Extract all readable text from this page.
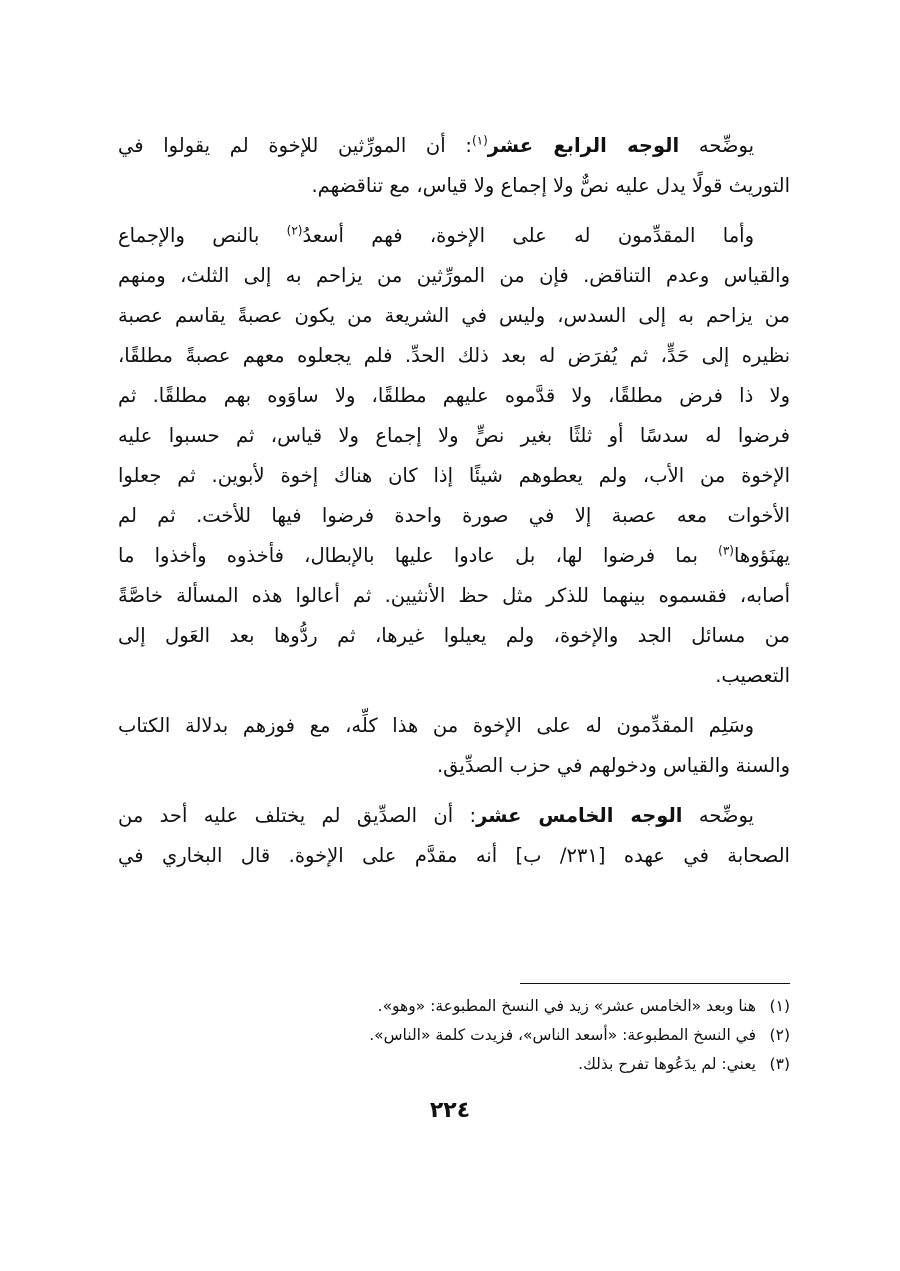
يوضِّحه الوجه الرابع عشر$^{(١)}$: أن المورِّثين للإخوة لم يقولوا في
التوريث قولًا يدل عليه نصٌّ ولا إجماع ولا قياس، مع تناقضهم.
وأما المقدِّمون له على الإخوة، فهم أسعدُ$^{(٢)}$ بالنص والإجماع
والقياس وعدم التناقض. فإن من المورِّثين من يزاحم به إلى الثلث، ومنهم
من يزاحم به إلى السدس، وليس في الشريعة من يكون عصبةً يقاسم عصبة
نظيره إلى حَدٍّ، ثم يُفرَض له بعد ذلك الحدِّ. فلم يجعلوه معهم عصبةً مطلقًا،
ولا ذا فرض مطلقًا، ولا قدَّموه عليهم مطلقًا، ولا ساوَوه بهم مطلقًا. ثم
فرضوا له سدسًا أو ثلثًا بغير نصٍّ ولا إجماع ولا قياس، ثم حسبوا عليه
الإخوة من الأب، ولم يعطوهم شيئًا إذا كان هناك إخوة لأبوين. ثم جعلوا
الأخوات معه عصبة إلا في صورة واحدة فرضوا فيها للأخت. ثم لم
يهنَؤوها$^{(٣)}$ بما فرضوا لها، بل عادوا عليها بالإبطال، فأخذوه وأخذوا ما
أصابه، فقسموه بينهما للذكر مثل حظ الأنثيين. ثم أعالوا هذه المسألة خاصَّةً
من مسائل الجد والإخوة، ولم يعيلوا غيرها، ثم ردُّوها بعد العَول إلى
التعصيب.
وسَلِم المقدِّمون له على الإخوة من هذا كلِّه، مع فوزهم بدلالة الكتاب
والسنة والقياس ودخولهم في حزب الصدِّيق.
يوضِّحه الوجه الخامس عشر: أن الصدِّيق لم يختلف عليه أحد من
الصحابة في عهده [٢٣١/ ب] أنه مقدَّم على الإخوة. قال البخاري في
(١)هنا وبعد «الخامس عشر» زيد في النسخ المطبوعة: «وهو».
(٢)في النسخ المطبوعة: «أسعد الناس»، فزيدت كلمة «الناس».
(٣)يعني: لم يدَعُوها تفرح بذلك.
٢٢٤
